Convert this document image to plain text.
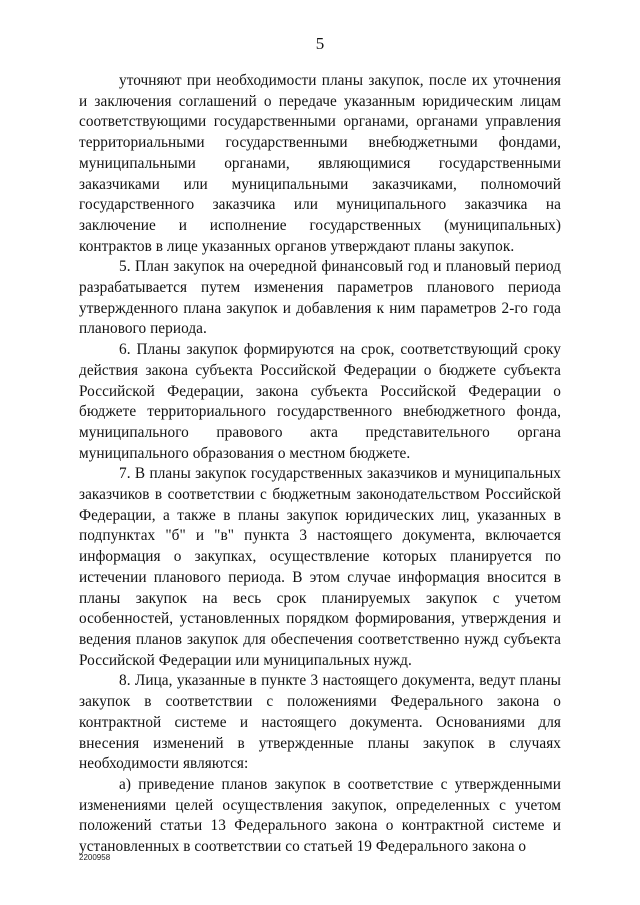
5

уточняют при необходимости планы закупок, после их уточнения и заключения соглашений о передаче указанным юридическим лицам соответствующими государственными органами, органами управления территориальными государственными внебюджетными фондами, муниципальными органами, являющимися государственными заказчиками или муниципальными заказчиками, полномочий государственного заказчика или муниципального заказчика на заключение и исполнение государственных (муниципальных) контрактов в лице указанных органов утверждают планы закупок.

5. План закупок на очередной финансовый год и плановый период разрабатывается путем изменения параметров планового периода утвержденного плана закупок и добавления к ним параметров 2-го года планового периода.

6. Планы закупок формируются на срок, соответствующий сроку действия закона субъекта Российской Федерации о бюджете субъекта Российской Федерации, закона субъекта Российской Федерации о бюджете территориального государственного внебюджетного фонда, муниципального правового акта представительного органа муниципального образования о местном бюджете.

7. В планы закупок государственных заказчиков и муниципальных заказчиков в соответствии с бюджетным законодательством Российской Федерации, а также в планы закупок юридических лиц, указанных в подпунктах "б" и "в" пункта 3 настоящего документа, включается информация о закупках, осуществление которых планируется по истечении планового периода. В этом случае информация вносится в планы закупок на весь срок планируемых закупок с учетом особенностей, установленных порядком формирования, утверждения и ведения планов закупок для обеспечения соответственно нужд субъекта Российской Федерации или муниципальных нужд.

8. Лица, указанные в пункте 3 настоящего документа, ведут планы закупок в соответствии с положениями Федерального закона о контрактной системе и настоящего документа. Основаниями для внесения изменений в утвержденные планы закупок в случаях необходимости являются:

а) приведение планов закупок в соответствие с утвержденными изменениями целей осуществления закупок, определенных с учетом положений статьи 13 Федерального закона о контрактной системе и установленных в соответствии со статьей 19 Федерального закона о

2200958
